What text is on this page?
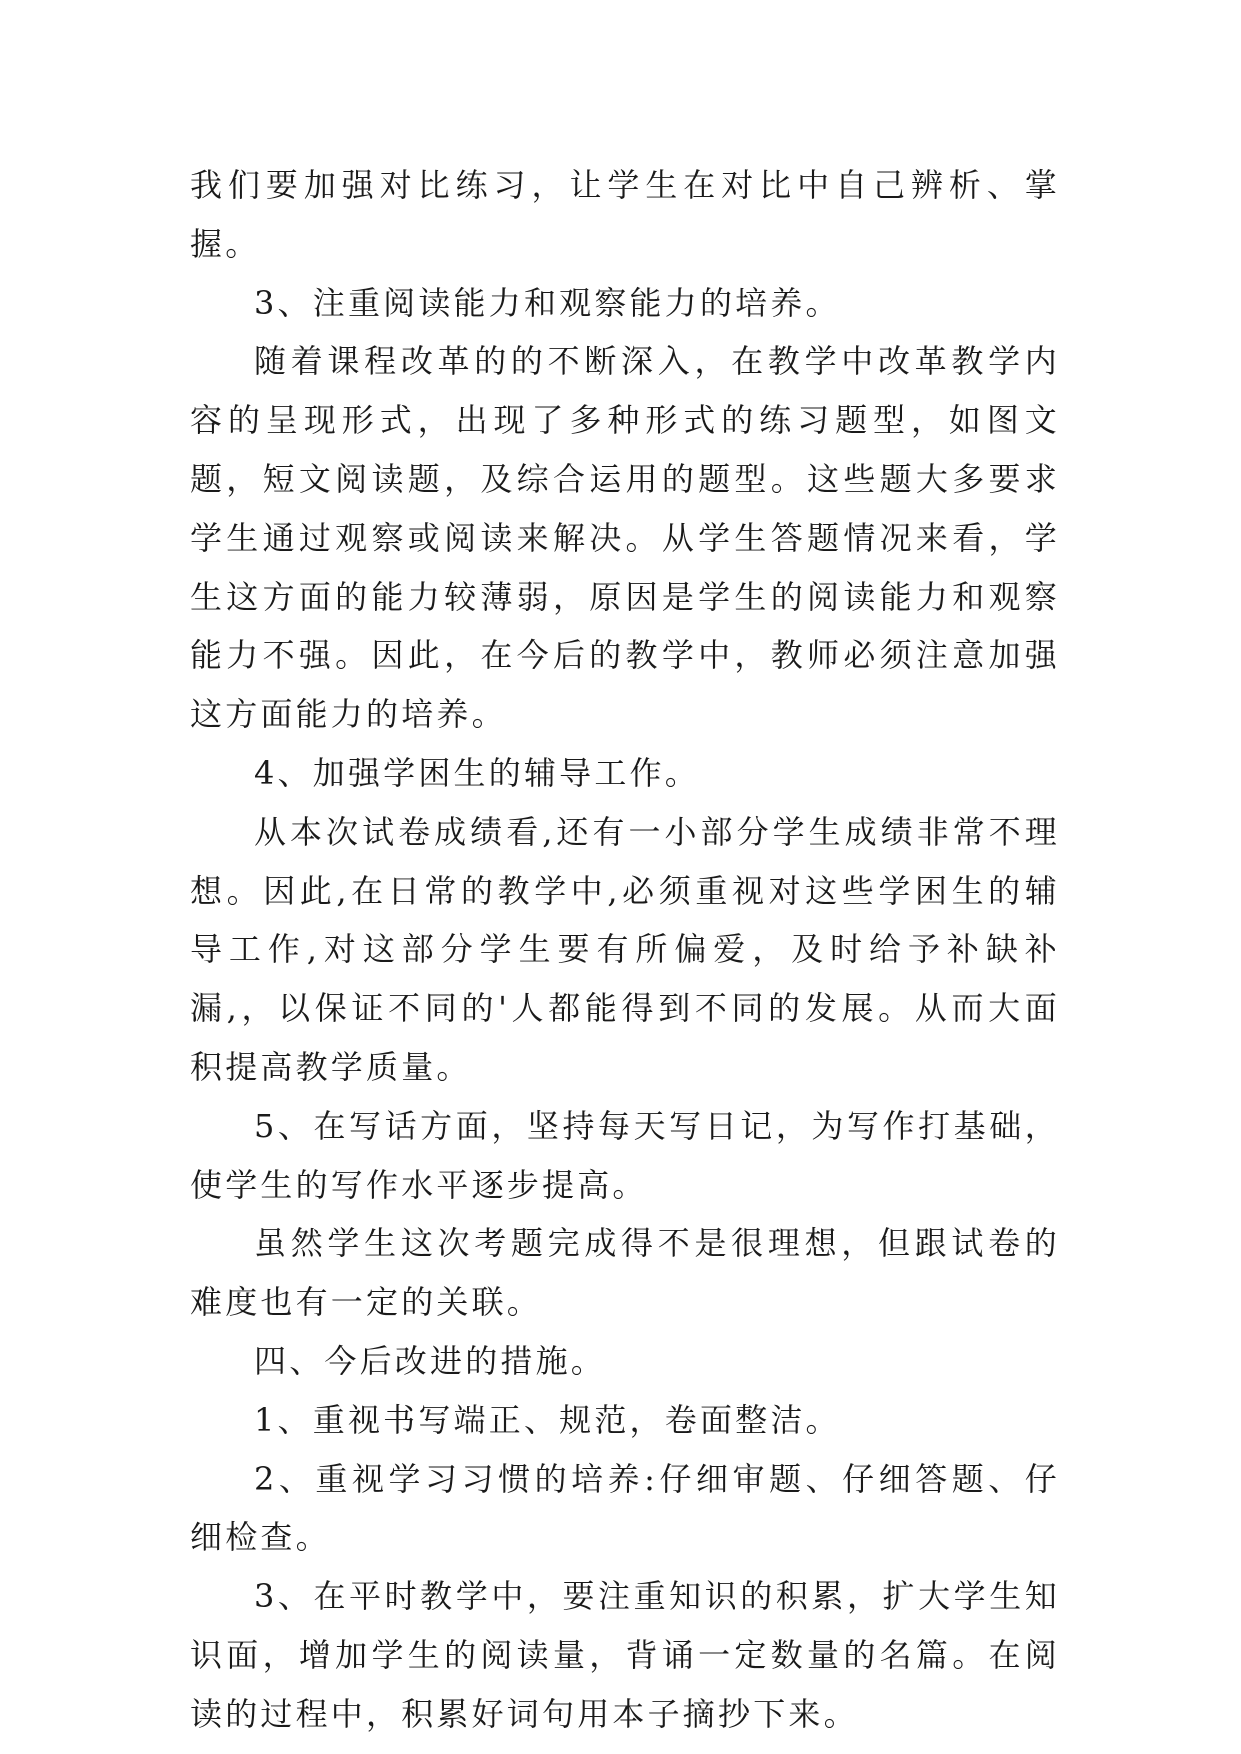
我们要加强对比练习，让学生在对比中自己辨析、掌握。

3、注重阅读能力和观察能力的培养。

随着课程改革的的不断深入，在教学中改革教学内容的呈现形式，出现了多种形式的练习题型，如图文题，短文阅读题，及综合运用的题型。这些题大多要求学生通过观察或阅读来解决。从学生答题情况来看，学生这方面的能力较薄弱，原因是学生的阅读能力和观察能力不强。因此，在今后的教学中，教师必须注意加强这方面能力的培养。

4、加强学困生的辅导工作。

从本次试卷成绩看,还有一小部分学生成绩非常不理想。因此,在日常的教学中,必须重视对这些学困生的辅导工作,对这部分学生要有所偏爱，及时给予补缺补漏,，以保证不同的'人都能得到不同的发展。从而大面积提高教学质量。

5、在写话方面，坚持每天写日记，为写作打基础，使学生的写作水平逐步提高。

虽然学生这次考题完成得不是很理想，但跟试卷的难度也有一定的关联。

四、今后改进的措施。

1、重视书写端正、规范，卷面整洁。

2、重视学习习惯的培养:仔细审题、仔细答题、仔细检查。

3、在平时教学中，要注重知识的积累，扩大学生知识面，增加学生的阅读量，背诵一定数量的名篇。在阅读的过程中，积累好词句用本子摘抄下来。
